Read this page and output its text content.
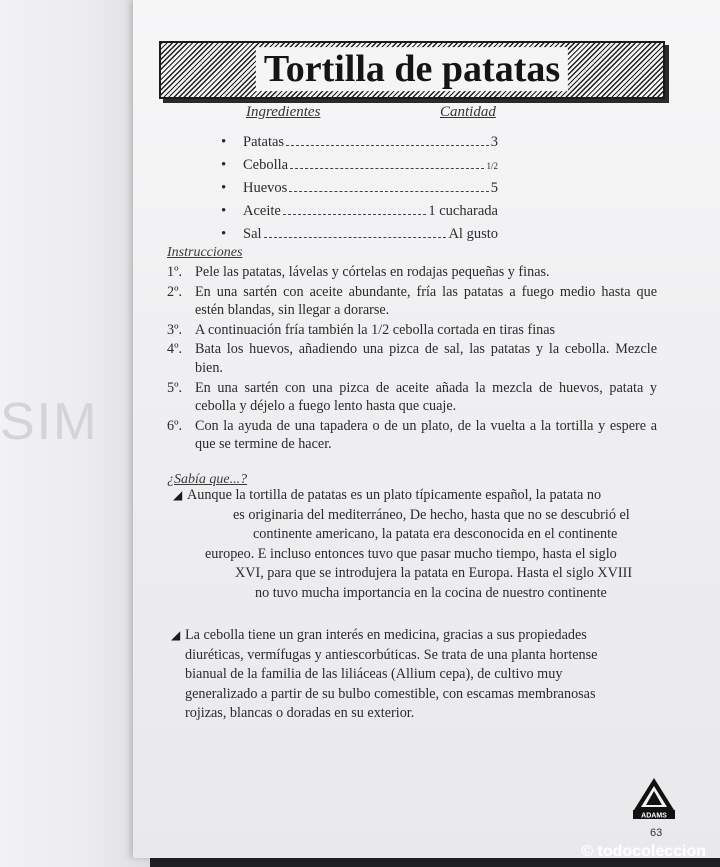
SIM
Tortilla de patatas
Ingredientes	Cantidad
• Patatas	3
• Cebolla	1/2
• Huevos	5
• Aceite	1 cucharada
• Sal	Al gusto
Instrucciones
1º. Pele las patatas, lávelas y córtelas en rodajas pequeñas y finas.
2º. En una sartén con aceite abundante, fría las patatas a fuego medio hasta que estén blandas, sin llegar a dorarse.
3º. A continuación fría también la 1/2 cebolla cortada en tiras finas
4º. Bata los huevos, añadiendo una pizca de sal, las patatas y la cebolla. Mezcle bien.
5º. En una sartén con una pizca de aceite añada la mezcla de huevos, patata y cebolla y déjelo a fuego lento hasta que cuaje.
6º. Con la ayuda de una tapadera o de un plato, de la vuelta a la tortilla y espere a que se termine de hacer.
¿Sabía que...?
◢ Aunque la tortilla de patatas es un plato típicamente español, la patata no
es originaria del mediterráneo, De hecho, hasta que no se descubrió el
continente americano, la patata era desconocida en el continente
europeo. E incluso entonces tuvo que pasar mucho tiempo, hasta el siglo
XVI, para que se introdujera la patata en Europa. Hasta el siglo XVIII
no tuvo mucha importancia en la cocina de nuestro continente
◢ La cebolla tiene un gran interés en medicina, gracias a sus propiedades
diuréticas, vermífugas y antiescorbúticas. Se trata de una planta hortense
bianual de la familia de las liliáceas (Allium cepa), de cultivo muy
generalizado a partir de su bulbo comestible, con escamas membranosas
rojizas, blancas o doradas en su exterior.
ADAMS
63
© todocoleccion
